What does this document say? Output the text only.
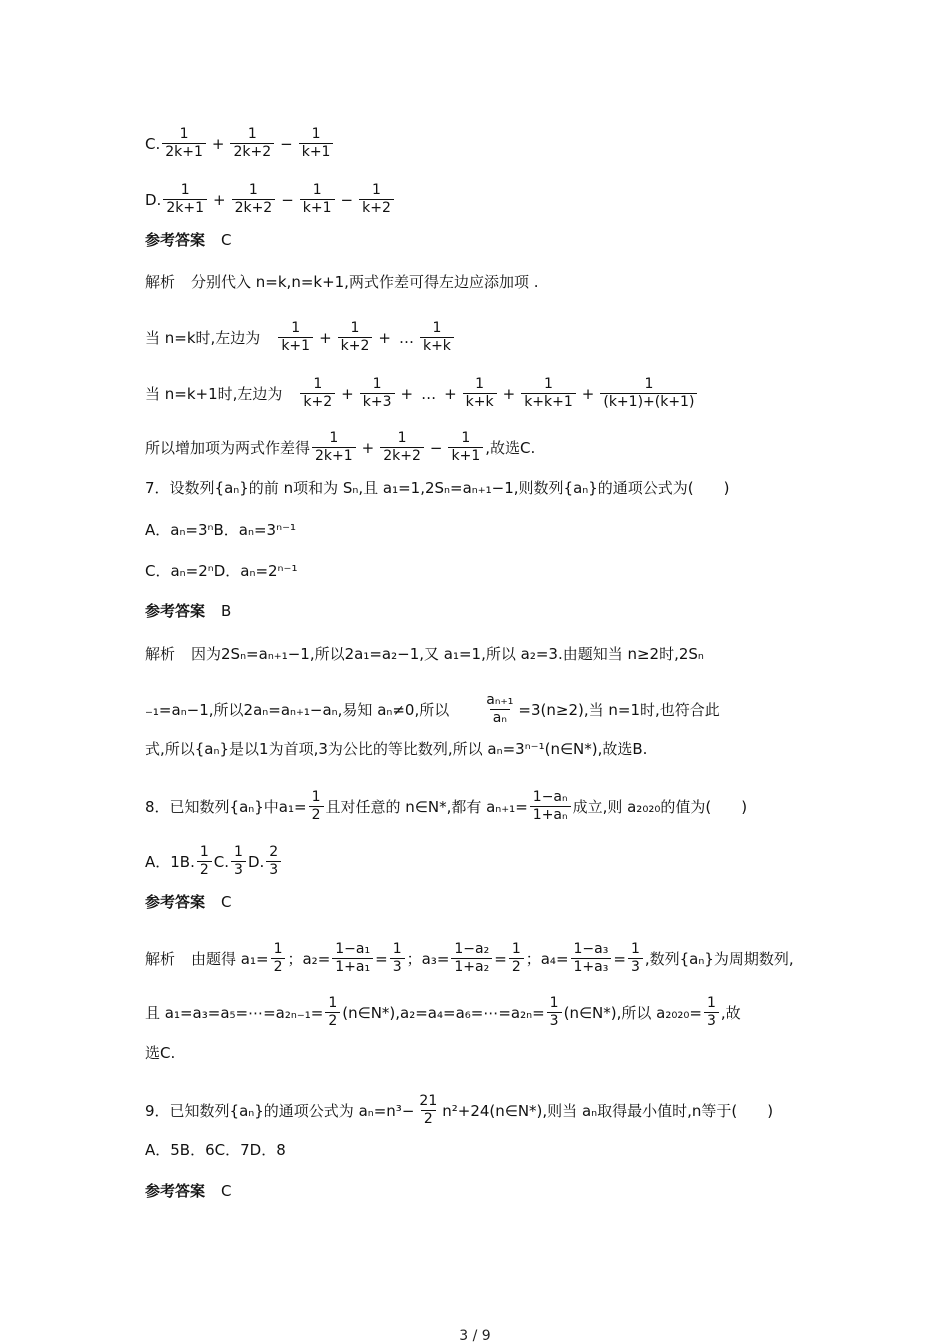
C. $\frac{1}{2k+1} + \frac{1}{2k+2} - \frac{1}{k+1}$
D. $\frac{1}{2k+1} + \frac{1}{2k+2} - \frac{1}{k+1} - \frac{1}{k+2}$
参考答案 C
解析 分别代入 n=k,n=k+1,两式作差可得左边应添加项 .
当 n=k时,左边为 $\frac{1}{k+1} + \frac{1}{k+2}$ + … $\frac{1}{k+k}$
当 n=k+1时,左边为 $\frac{1}{k+2} + \frac{1}{k+3}$ + … + $\frac{1}{k+k} + \frac{1}{k+k+1} + \frac{1}{(k+1)+(k+1)}$
所以增加项为两式作差得 $\frac{1}{2k+1} + \frac{1}{2k+2} - \frac{1}{k+1}$ ,故选C.
7．设数列{aₙ}的前 n项和为 Sₙ,且 a₁=1,2Sₙ=aₙ₊₁−1,则数列{aₙ}的通项公式为(　　)
A．aₙ=3ⁿB．aₙ=3ⁿ⁻¹
C．aₙ=2ⁿD．aₙ=2ⁿ⁻¹
参考答案 B
解析 因为2Sₙ=aₙ₊₁−1,所以2a₁=a₂−1,又 a₁=1,所以 a₂=3.由题知当 n≥2时,2Sₙ
₋₁=aₙ−1,所以2aₙ=aₙ₊₁−aₙ,易知 aₙ≠0,所以 $\frac{\text{aₙ₊₁}}{\text{aₙ}} =3(n\ge 2)$,当 n=1时,也符合此
式,所以{aₙ}是以1为首项,3为公比的等比数列,所以 aₙ=3ⁿ⁻¹(n∈N*),故选B.
8．已知数列{aₙ}中$a_1= \frac{1}{2}$ 且对任意的 n∈N*,都有 $a_{n+1}= \frac{\text{1−aₙ}}{\text{1+aₙ}}$ 成立,则 a₂₀₂₀的值为(　　)
A．1B. $\frac{1}{2} C$. $\frac{1}{3} D$. $\frac{2}{3}$
参考答案 C
解析 由题得 $a_1= \frac{1}{2}$ ；$a_2= \frac{\text{1−a₁}}{\text{1+a₁}} = \frac{1}{3}$ ；$a_3= \frac{\text{1−a₂}}{\text{1+a₂}} = \frac{1}{2}$ ；$a_4= \frac{\text{1−a₃}}{\text{1+a₃}} = \frac{1}{3}$ ,数列{aₙ}为周期数列,
且 a₁=a₃=a₅=⋯=a₂ₙ₋₁= $\frac{1}{2}$ (n∈N*),a₂=a₄=a₆=⋯=a₂ₙ= $\frac{1}{3}$ (n∈N*),所以 $a_{2020}= \frac{1}{3}$ ,故
选C.
9．已知数列{aₙ}的通项公式为 $a_n=n^3- \frac{21}{2}$ n²+24(n∈N*),则当 aₙ取得最小值时,n等于(　　)
A．5B．6C．7D．8
参考答案 C
3 / 9
